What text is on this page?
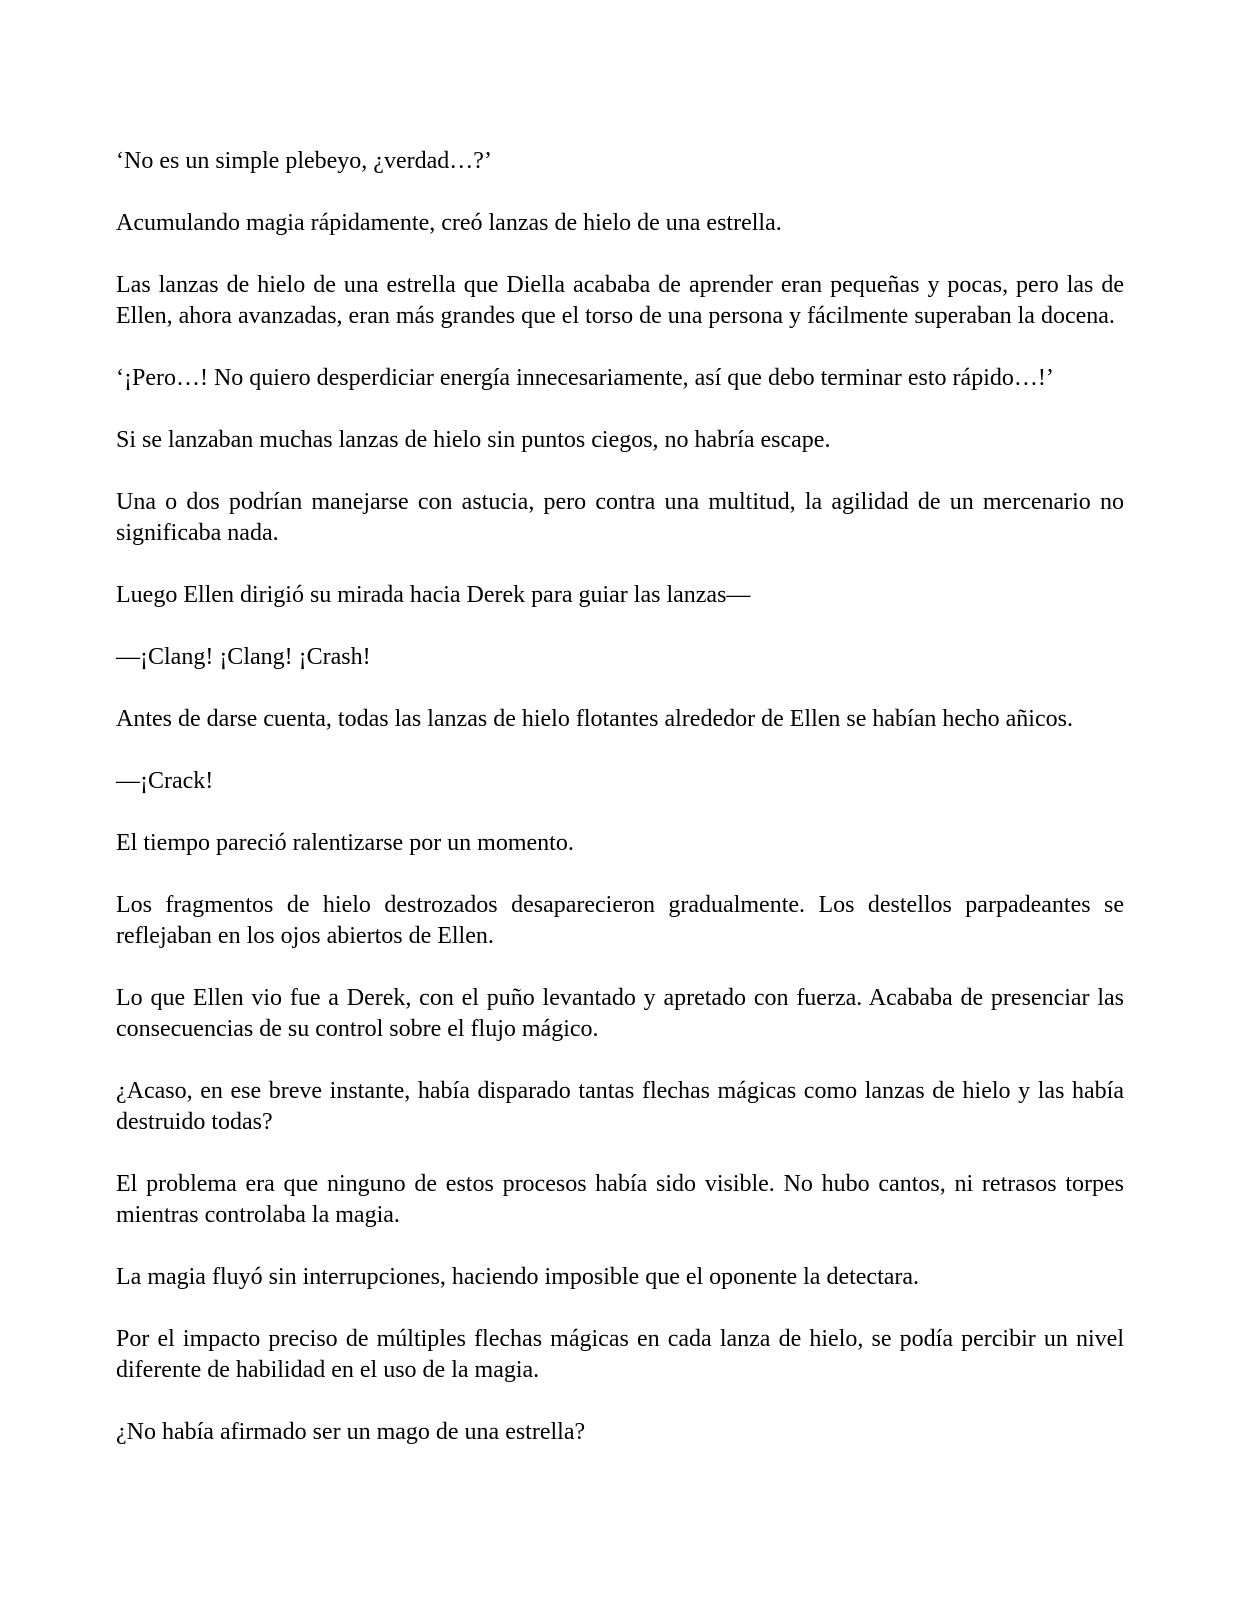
‘No es un simple plebeyo, ¿verdad…?’

Acumulando magia rápidamente, creó lanzas de hielo de una estrella.

Las lanzas de hielo de una estrella que Diella acababa de aprender eran pequeñas y pocas, pero las de Ellen, ahora avanzadas, eran más grandes que el torso de una persona y fácilmente superaban la docena.

‘¡Pero…! No quiero desperdiciar energía innecesariamente, así que debo terminar esto rápido…!’

Si se lanzaban muchas lanzas de hielo sin puntos ciegos, no habría escape.

Una o dos podrían manejarse con astucia, pero contra una multitud, la agilidad de un mercenario no significaba nada.

Luego Ellen dirigió su mirada hacia Derek para guiar las lanzas—

—¡Clang! ¡Clang! ¡Crash!

Antes de darse cuenta, todas las lanzas de hielo flotantes alrededor de Ellen se habían hecho añicos.

—¡Crack!

El tiempo pareció ralentizarse por un momento.

Los fragmentos de hielo destrozados desaparecieron gradualmente. Los destellos parpadeantes se reflejaban en los ojos abiertos de Ellen.

Lo que Ellen vio fue a Derek, con el puño levantado y apretado con fuerza. Acababa de presenciar las consecuencias de su control sobre el flujo mágico.

¿Acaso, en ese breve instante, había disparado tantas flechas mágicas como lanzas de hielo y las había destruido todas?

El problema era que ninguno de estos procesos había sido visible. No hubo cantos, ni retrasos torpes mientras controlaba la magia.

La magia fluyó sin interrupciones, haciendo imposible que el oponente la detectara.

Por el impacto preciso de múltiples flechas mágicas en cada lanza de hielo, se podía percibir un nivel diferente de habilidad en el uso de la magia.

¿No había afirmado ser un mago de una estrella?
